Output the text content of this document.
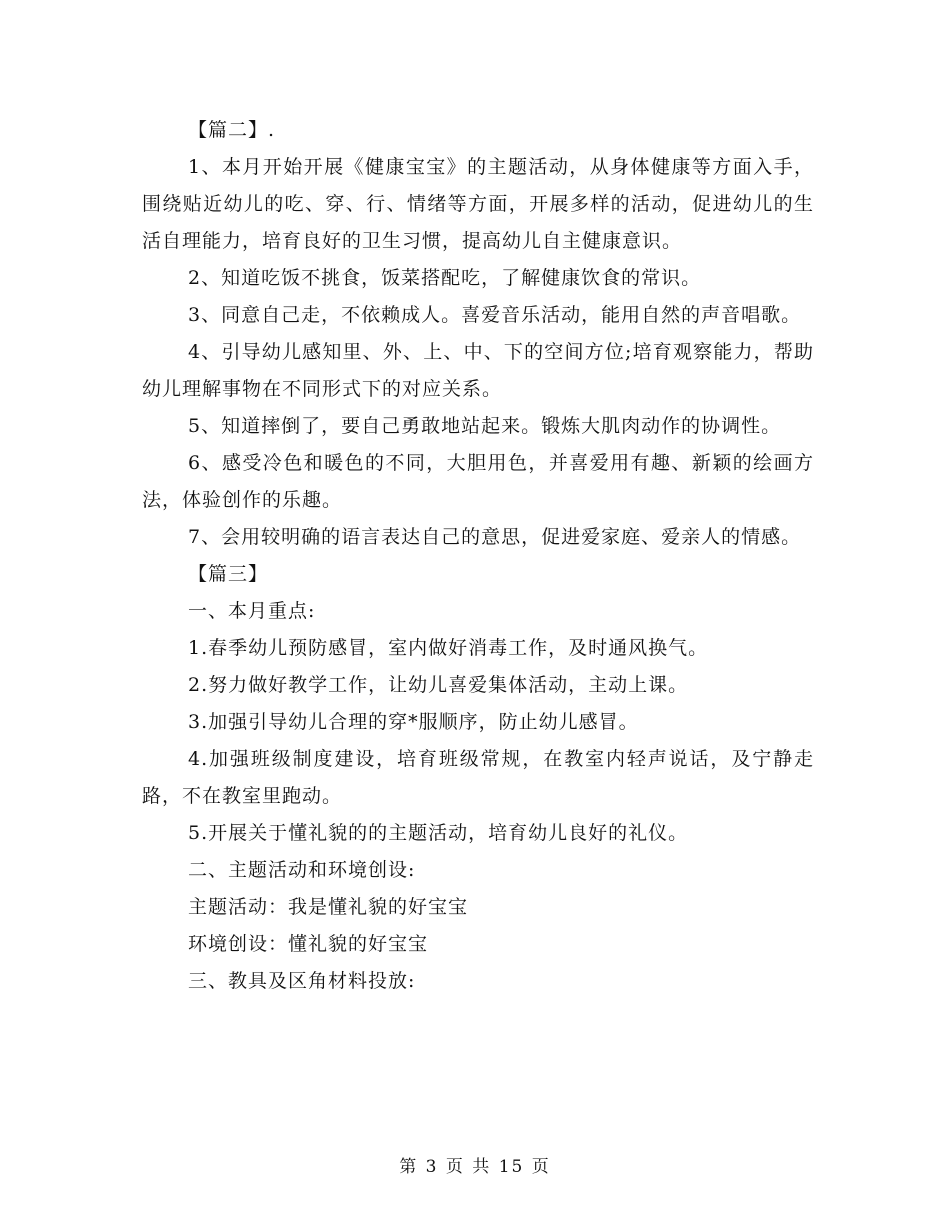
【篇二】.

1、本月开始开展《健康宝宝》的主题活动，从身体健康等方面入手，围绕贴近幼儿的吃、穿、行、情绪等方面，开展多样的活动，促进幼儿的生活自理能力，培育良好的卫生习惯，提高幼儿自主健康意识。

2、知道吃饭不挑食，饭菜搭配吃，了解健康饮食的常识。

3、同意自己走，不依赖成人。喜爱音乐活动，能用自然的声音唱歌。

4、引导幼儿感知里、外、上、中、下的空间方位;培育观察能力，帮助幼儿理解事物在不同形式下的对应关系。

5、知道摔倒了，要自己勇敢地站起来。锻炼大肌肉动作的协调性。

6、感受冷色和暖色的不同，大胆用色，并喜爱用有趣、新颖的绘画方法，体验创作的乐趣。

7、会用较明确的语言表达自己的意思，促进爱家庭、爱亲人的情感。

【篇三】

一、本月重点:

1.春季幼儿预防感冒，室内做好消毒工作，及时通风换气。

2.努力做好教学工作，让幼儿喜爱集体活动，主动上课。

3.加强引导幼儿合理的穿*服顺序，防止幼儿感冒。

4.加强班级制度建设，培育班级常规，在教室内轻声说话，及宁静走路，不在教室里跑动。

5.开展关于懂礼貌的的主题活动，培育幼儿良好的礼仪。

二、主题活动和环境创设:

主题活动：我是懂礼貌的好宝宝

环境创设：懂礼貌的好宝宝

三、教具及区角材料投放:

第 3 页 共 15 页
